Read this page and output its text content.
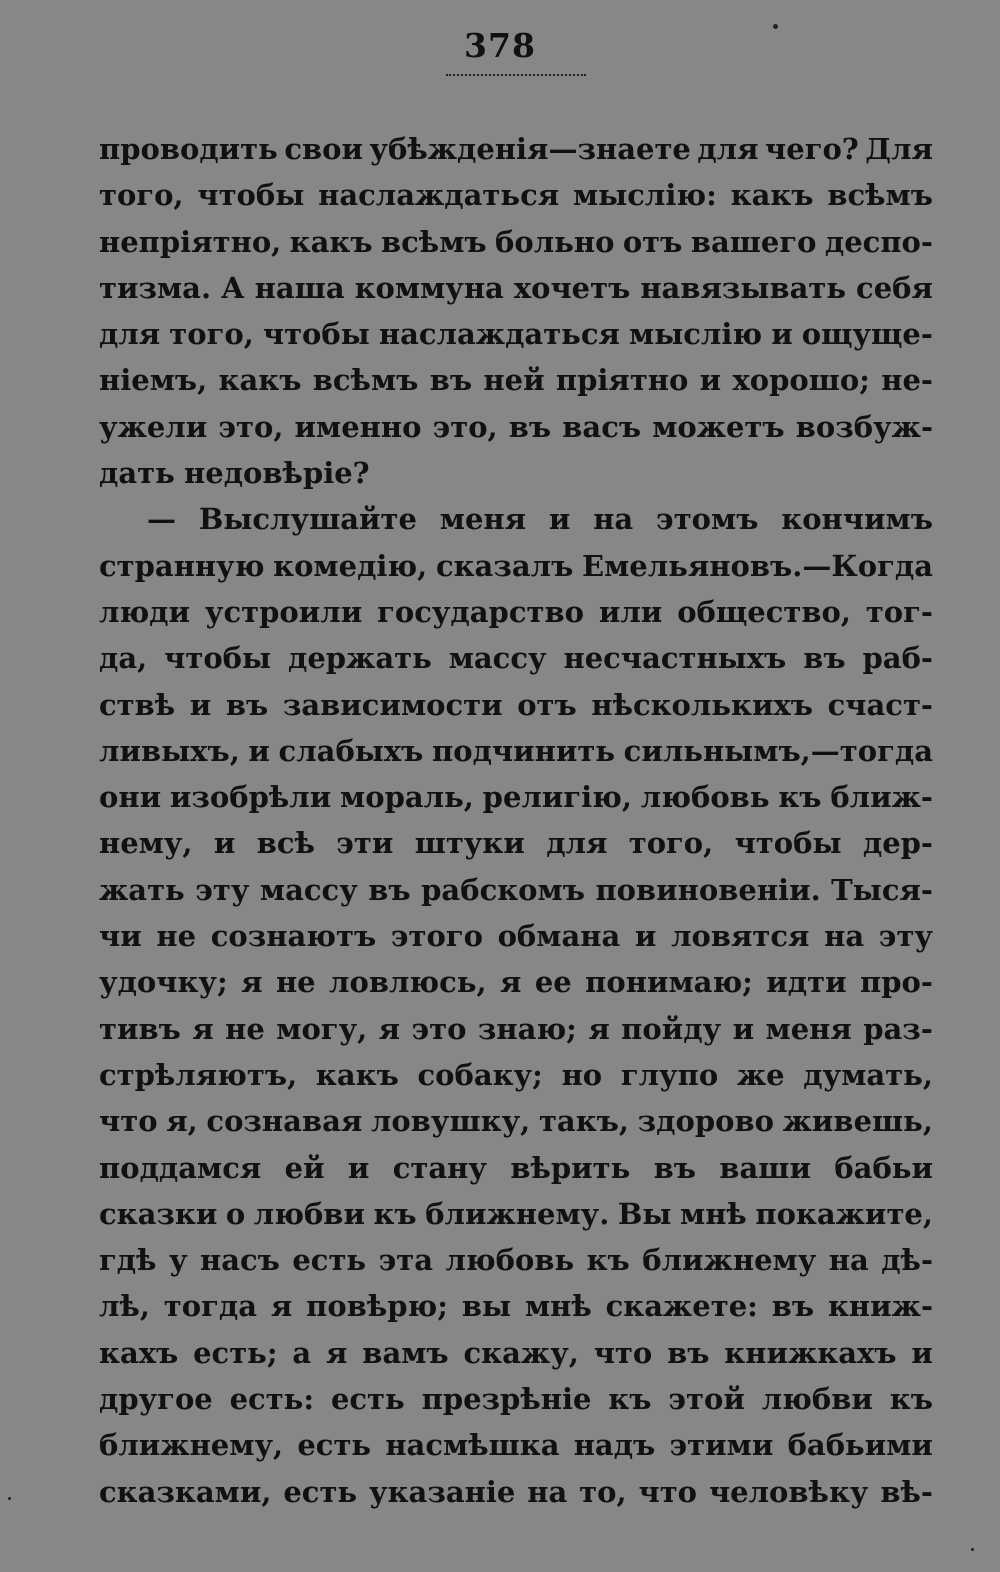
378
проводить свои убѣжденія—знаете для чего? Для
того, чтобы наслаждаться мыслію: какъ всѣмъ
непріятно, какъ всѣмъ больно отъ вашего деспо-
тизма. А наша коммуна хочетъ навязывать себя
для того, чтобы наслаждаться мыслію и ощуще-
ніемъ, какъ всѣмъ въ ней пріятно и хорошо; не-
ужели это, именно это, въ васъ можетъ возбуж-
дать недовѣріе?
— Выслушайте меня и на этомъ кончимъ
странную комедію, сказалъ Емельяновъ.—Когда
люди устроили государство или общество, тог-
да, чтобы держать массу несчастныхъ въ раб-
ствѣ и въ зависимости отъ нѣсколькихъ счаст-
ливыхъ, и слабыхъ подчинить сильнымъ,—тогда
они изобрѣли мораль, религію, любовь къ ближ-
нему, и всѣ эти штуки для того, чтобы дер-
жать эту массу въ рабскомъ повиновеніи. Тыся-
чи не сознаютъ этого обмана и ловятся на эту
удочку; я не ловлюсь, я ее понимаю; идти про-
тивъ я не могу, я это знаю; я пойду и меня раз-
стрѣляютъ, какъ собаку; но глупо же думать,
что я, сознавая ловушку, такъ, здорово живешь,
поддамся ей и стану вѣрить въ ваши бабьи
сказки о любви къ ближнему. Вы мнѣ покажите,
гдѣ у насъ есть эта любовь къ ближнему на дѣ-
лѣ, тогда я повѣрю; вы мнѣ скажете: въ книж-
кахъ есть; а я вамъ скажу, что въ книжкахъ и
другое есть: есть презрѣніе къ этой любви къ
ближнему, есть насмѣшка надъ этими бабьими
сказками, есть указаніе на то, что человѣку вѣ-
